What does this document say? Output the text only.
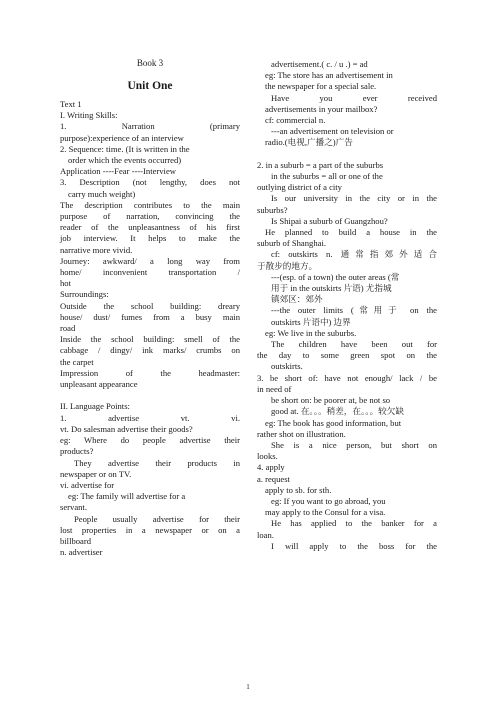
Book 3
Unit One

Text 1

I. Writing Skills:

1. Narration (primary

purpose):experience of an interview

2. Sequence: time. (It is written in the

order which the events occurred)

Application ----Fear ----Interview

3. Description (not lengthy, does not

carry much weight)

The description contributes to the main

purpose of narration, convincing the

reader of the unpleasantness of his first

job interview. It helps to make the

narrative more vivid.

Journey: awkward/ a long way from

home/ inconvenient transportation /

hot

Surroundings:

Outside the school building: dreary

house/ dust/ fumes from a busy main

road

Inside the school building: smell of the

cabbage / dingy/ ink marks/ crumbs on

the carpet

Impression of the headmaster:

unpleasant appearance

II. Language Points:

1. advertise vt. vi.

vt. Do salesman advertise their goods?

eg: Where do people advertise their

products?

They advertise their products in

newspaper or on TV.

vi. advertise for

eg: The family will advertise for a

servant.

People usually advertise for their

lost properties in a newspaper or on a

billboard

n. advertiser

advertisement.( c. / u .) = ad

eg: The store has an advertisement in

the newspaper for a special sale.

Have you ever received

advertisements in your mailbox?

cf: commercial n.

---an advertisement on television or

radio.(电视,广播之)广告

2. in a suburb = a part of the suburbs

in the suburbs = all or one of the

outlying district of a city

Is our university in the city or in the

suburbs?

Is Shipai a suburb of Guangzhou?

He planned to build a house in the

suburb of Shanghai.

cf: outskirts n. 通常指郊外适合

于散步的地方。

---(esp. of a town) the outer areas (常

用于 in the outskirts 片语) 尤指城

镇郊区：郊外

---the outer limits (常用于 on the

outskirts 片语中) 边界

eg: We live in the suburbs.

The children have been out for

the day to some green spot on the

outskirts.

3. be short of: have not enough/ lack / be

in need of

be short on: be poorer at, be not so

good at. 在。。。稍差，在。。。较欠缺

eg: The book has good information, but

rather shot on illustration.

She is a nice person, but short on

looks.

4. apply

a. request

apply to sb. for sth.

eg: If you want to go abroad, you

may apply to the Consul for a visa.

He has applied to the banker for a

loan.

I will apply to the boss for the

1
